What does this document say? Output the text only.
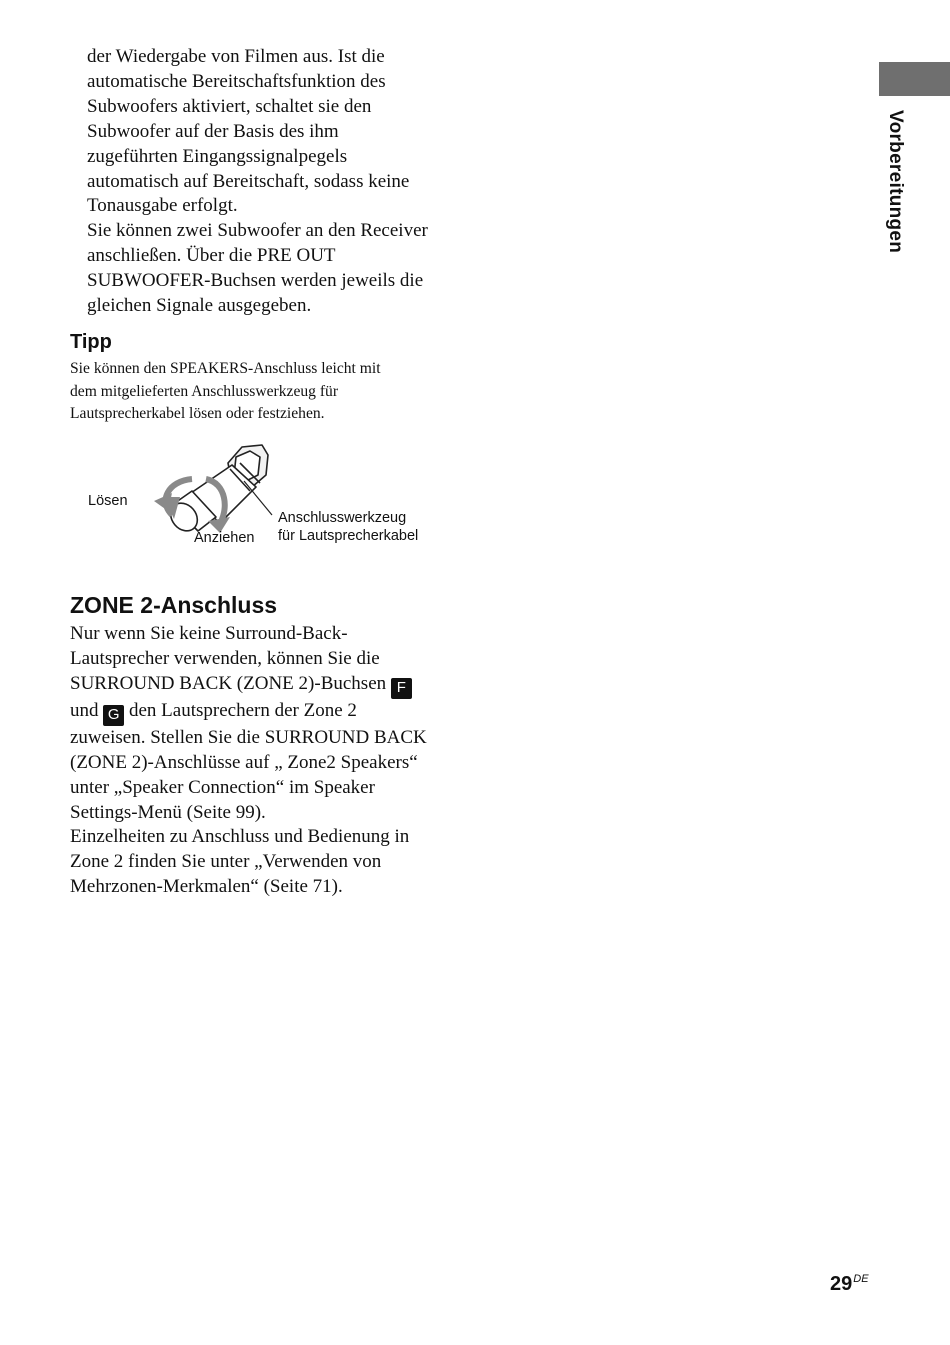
Vorbereitungen
der Wiedergabe von Filmen aus. Ist die
automatische Bereitschaftsfunktion des
Subwoofers aktiviert, schaltet sie den
Subwoofer auf der Basis des ihm
zugeführten Eingangssignalpegels
automatisch auf Bereitschaft, sodass keine
Tonausgabe erfolgt.
Sie können zwei Subwoofer an den Receiver
anschließen. Über die PRE OUT
SUBWOOFER-Buchsen werden jeweils die
gleichen Signale ausgegeben.
Tipp
Sie können den SPEAKERS-Anschluss leicht mit
dem mitgelieferten Anschlusswerkzeug für
Lautsprecherkabel lösen oder festziehen.
Lösen
Anziehen
Anschlusswerkzeug
für Lautsprecherkabel
ZONE 2-Anschluss
Nur wenn Sie keine Surround-Back-
Lautsprecher verwenden, können Sie die
SURROUND BACK (ZONE 2)-Buchsen F
und G den Lautsprechern der Zone 2
zuweisen. Stellen Sie die SURROUND BACK
(ZONE 2)-Anschlüsse auf „ Zone2 Speakers“
unter „Speaker Connection“ im Speaker
Settings-Menü (Seite 99).
Einzelheiten zu Anschluss und Bedienung in
Zone 2 finden Sie unter „Verwenden von
Mehrzonen-Merkmalen“ (Seite 71).
29DE
